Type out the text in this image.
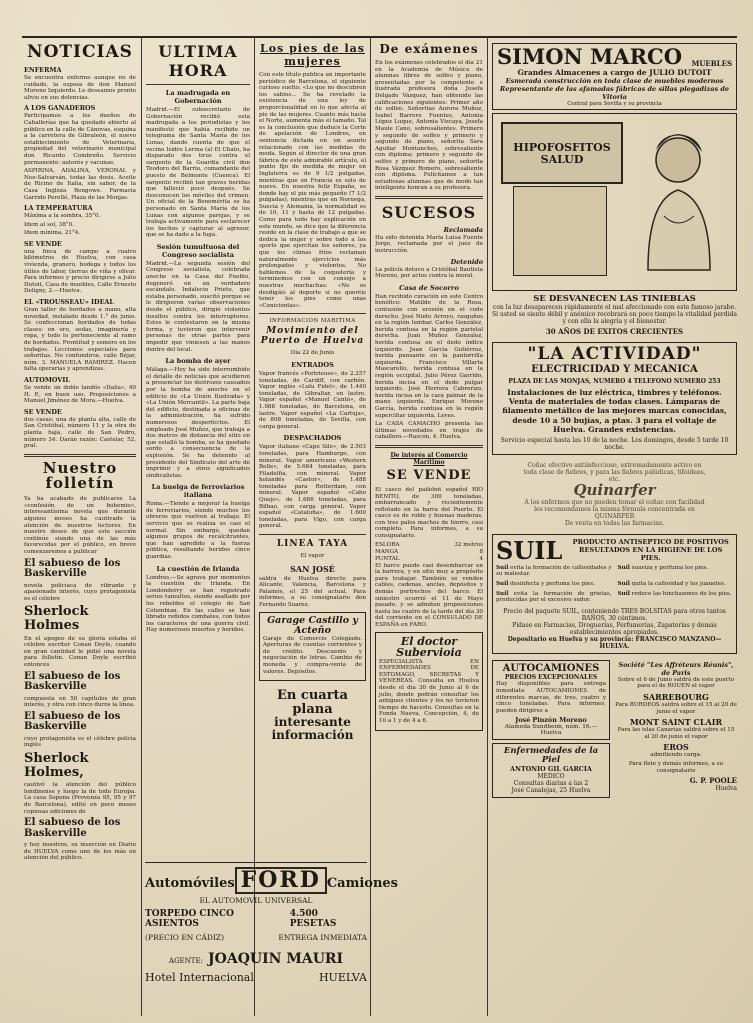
NOTICIAS
ENFERMA

Se encuentra enfermo aunque no de cuidado, la esposa de don Manuel Moreno Izquierdo. Le deseamos pronto alivio en sus dolencias.

A LOS GANADEROS

Participamos a los dueños de Caballerías que ha quedado abierto al público en la calle de Cánovas, esquina a la carretera de Gibraleón, el nuevo establecimiento de Veterinaria, propiedad del veterinario municipal don Ricardo Cumbreño. Servicio permanente: autorés y vacunas.

ASPIRINA, ADALINA, VERONAL y Neo-Salvarsán, todas las dosis. Aceite de Ricino de Italia, sin sabor, de la Casa Ingleza Bengowe. Farmacia Garrido Perelló, Plaza de las Monjas.

LA TEMPERATURA

Máxima a la sombra, 35°0.

Idem al sol, 38°0.

Idem mínima, 21°4.

SE VENDE

una finca de campo a cuatro kilómetros de Huelva, con casa vivienda, granero, bodega y todos los útiles de labor, tierras de viña y olivar. Para informes y precio dirigirse a Julio Dutoit, Casa de muebles, Calle Ernesto Deligny, 2.—Huelva.

EL «TROUSSEAU» IDEAL

Gran taller de bordados a mano, alta novedad, instalado desde 1.° de junio. Se confeccionan bordados de todas clases: en oro, sedas, imaginería y ropa, y todo lo perteneciente al ramo de bordados. Prontitud y esmero en los trabajos. Lecciones especiales para señoritas. No confundirse, calle Béjar, núm. 3. MANUELA RAMIREZ. Hacen falta operarias y aprendizas.

AUTOMOVIL

Se vende un doble landós «Italia», 40 H. P., en buen uso. Proposiciones a Manuel Jiménez de Mora.—Huelva.

SE VENDE

dos casas: una de planta alta, calle de San Cristóbal, número 11 y la otra de planta baja, calle de San Pedro, número 34. Darán razón: Castelar, 52, pral.

Nuestro folletín

Ya ha acabado de publicarse La «confesión de un bohemio», interesantísima novela que durante algunos meses ha cautivado la atención de nuestros lectores. En nuestro deseo de que este sección continúe siendo una de las más favorecidas por el público, en breve comenzaremos a publicar

El sabueso de los Baskerville

novela policíaca de vibrante y apasionado interés, cuyo protagonista es el célebre

Sherlock Holmes

En el apogeo de su gloria estaba el célebre escritor Conan Doyle, cuando en gran cantidad le pidió una novela para folletín. Conan Doyle escribió entonces

El sabueso de los Baskerville

compuesta en 50 capítulos de gran interés, y otra con cinco duros la línea.

El sabueso de los Baskerville

cuyo protagonista es el célebre policía inglés

Sherlock Holmes,

cautivó la atención del público londinense y luego la de todo Europa. La casa Sopena (Provenza 95, 95 y 97 de Barcelona), editó en poco meses copiosas ediciones de

El sabueso de los Baskerville

y hoy nosotros, su inserción en Diario de HUELVA como uno de los más en atención del público.

ULTIMA HORA
La madrugada en Gobernación

Madrid.—El subsecretario de Gobernación recibió esta madrugada a los periodistas y les manifestó que había recibido un telegrama de Santa María de los Lunas, dando cuenta de que el vecino Isidro Lerma (a) El Chato, ha disparado dos tiros contra el sargento de la Guardia civil don Teodoro del Barrio, comandante del puesto de Belmonte (Cuenca). El sargento recibió tan graves heridas que falleció poco después. Se desconocen los móviles del crimen. Un oficial de la Benemérita se ha personado en Santa María de los Lunas con algunos parejas, y se trabaja activamente para esclarecer los hechos y capturar al agresor, que se ha dado a la fuga.

Sesión tumultuosa del Congreso socialista

Madrid.—La segunda sesión del Congreso socialista, celebrada anoche en la Casa del Pueblo, degeneró en un verdadero escándalo. Indalecio Prieto, que estaba personado, suscitó porque se le dirigieron varias observaciones desde el público, dirigió violentos insultos contra los interruptores. Estos le contestaron en la misma forma, y tuvieron que intervenir personas de otras partes para impedir que viniesen a las manos dentro del local.

La bomba de ayer

Málaga.—Hoy ha sido interrumbido el detalle de noticias que acudieron a presenciar los destrozos causados por la bomba de anoche en el edificio de «La Unión Ilustrada» y «La Unión Mercantil». La parte baja del edificio, destinada a oficinas de la administración, ha sufrido numerosos desperfectos. El empleado José Muñoz, que trabaja a dos metros de distancia del sitio en que estalló la bomba, se ha quedado sordo a consecuencia de la explosión. Se ha detenido al presidente del Sindicato del arte de imprimir y a otros significados sindicalistas.

La huelga de ferroviarios italiana

Roma.—Tiende a mejorar la huelga de ferroviarios, siendo muchos los obreros que vuelven al trabajo. El servicio que se realiza es casi el normal. Sin embargo, quedan algunos grupos de recalcitrantes, que han agredido a la fuerza pública, resultando heridos cinco guardias.

La cuestión de Irlanda

Londres.—Se agrava por momentos la cuestión de Irlanda. En Londonderry se han registrado serios tumultos, siendo asaltado por los rebeldes el colegio de San Columbian. En las calles se han librado reñidos combates, con todos los caracteres de una guerra civil. Hay numerosos muertos y heridos.

Los pies de las mujeres

Con este título publica un importante periódico de Barcelona, el siguiente curioso suelto: «Lo que no descubren los sabios... Se ha revelado la existencia de una ley de proporcionalidad en lo que afecta al pie de las mujeres. Cuanto más hacia el Norte, aumenta más el tamaño. Tal es la conclusión que deduce la Corte de apelación de Londres, en sentencia dictada en un asunto relacionado con las medidas de moda. Según el director de una gran fábrica de este admirable artículo, el punto fijo de medida de mujer en Inglaterra es de 9 1/2 pulgadas, mientras que en Francia es solo de nueve. En nuestra feliz España, es donde hay el pie más pequeño (7 1/2 pulgadas), mientras que en Noruega, Suecia y Alemania, la normalidad es de 10, 11 y hasta de 12 pulgadas. Como para todo hay explicación en este mundo, se dice que la diferencia reside en la clase de trabajo a que se dedica la mujer y sobre todo a los sports que ejercitan los señores, ya que los climas fríos reclaman naturalmente ejercicios más prolongados y violentos. No hablemos de la coquetería y terminemos con un consejo a nuestras muchachas: «No os desdigáis al deporte si no queréis tener los pies como unas «Cenicientas».

INFORMACION MARITIMA
Movimiento del Puerto de Huelva
Día 22 de Junio
ENTRADOS

Vapor francés «Portrieuse», de 2.257 toneladas, de Cardiff, con carbón. Vapor inglés «Lulu Fidel», de 1.440 toneladas, de Gibraltar, en lastre. Vapor español «Manuel Cantó», de 1.988 toneladas, de Barcelona, en lastre. Vapor español «La Cartuja», de 808 toneladas, de Sevilla, con carga general.

DESPACHADOS

Vapor italiano «Capo Sile», de 2.503 toneladas, para Hamburgo, con mineral. Vapor americano «Western Belle», de 5.684 toneladas, para Filadelfia, con mineral. Vapor holandés «Castor», de 1.488 toneladas para Rotterdam, con mineral. Vapor español «Cabo Quejo», de 1.686 toneladas, para Bilbao, con carga general. Vapor español «Cataluña», de 1.600 toneladas, para Vigo, con carga general.

LINEA TAYA
El vapor
SAN JOSÉ

saldrá de Huelva directo para Alicante, Valencia, Barcelona y Palamós, el 25 del actual. Para informes, a su consignatario don Fernando Suarez.

Garage Castillo y Acteño

Garaje de Comercio Colegiado. Aperturas de cuentas corrientes y de crédito. Descuento y negociación de letras. Cambio de moneda y compra-venta de valores. Depósitos.

En cuarta plana
interesante información
De exámenes

En los exámenes celebrados el día 21 en la Academia de Música de alumnas libres de solfeo y piano, presentadas por la competente e ilustrada profesora doña Josefa Delgado Vázquez, han obtenido las calificaciones siguientes: Primer año de solfeo. Señoritas Aurora Muñoz, Isabel Barrero Fuentes, Antonia López Luque, Antonia Vizcaya, Josefa Maule Cano, sobresalientes. Primero y segundo de solfeo y primero y segundo de piano, señorita Sara Aguilar Montanches, sobresaliente con diploma; primero y segundo de solfeo y primero de piano, señorita Rosa Vázquez Romero, sobresaliente con diploma. Felicitamos a tan estudiosas alumnas que de modo tan inteligente honran a su profesora.

SUCESOS
Reclamada

Ha sido detenida María Luisa Fuente Jorge, reclamada por el juez de instrucción.

Detenido

La policía detuvo a Cristóbal Bautista Moreno, por actos contra la moral.

Casa de Socorro

Han recibido curación en este Centro benéfico: Matilde de la Rosa, contusión con erosión en el codo derecho. José Nieto Arroyo, rasguños en la región lumbar. Carlos González, herida contusa en la región parietal derecha. Juan Muñoz Gonzalez, herida contusa en el dedo índice izquierdo. Juan García Gutiérrez, herida punzante en la pantorrilla izquierda. Francisco Villarta Mascarello, herida contusa en la región occipital. Julio Pérez Garrido, herida incisa en el dedo pulgar izquierdo. José Herrera Cabrerizo, herida incisa en la cara palmar de la mano izquierda. Enrique Moreno García, herida contusa en la región superciliar izquierda. Leves.

La CASA CAMACHO presenta las últimas novedades en trajes de caballero.—Rascón, 4. Huelva.

De interés al Comercio Marítimo
SE VENDE

El casco del pailebot español RIO BENITO, de 300 toneladas, embarrancado y recientemente reflotado en la barra del Puerto. El casco es de roble y buenas maderas, con tres palos machos de hierro, casi completo. Para informes, a su consignatario.

ESLORA	32 metros
MANGA	8
PUNTAL	4

El barco puede casi desembarcar en la barrera, y en sitio muy a propósito para trabajar. También se venden cables, cadenas, anclas, depósitos y demás pertrechos del barco. El siniestro ocurrió el 11 de Mayo pasado, y se admiten proposiciones hasta las cuatro de la tarde del día 30 del corriente en el CONSULADO DE ESPAÑA en FARO.

El doctor Subervioia

ESPECIALISTA EN ENFERMEDADES DE ESTOMAGO, SECRETAS Y VENEREAS. Consulta en Huelva desde el día 30 de Junio al 6 de julio, donde podrán consultar los antiguos clientes y los no tuvieron tiempo de hacerlo. Consultas en la Fonda Nueva, Concepción, 4, de 10 a 1 y de 4 a 6.

SIMON MARCO MUEBLES
Grandes Almacenes a cargo de JULIO DUTOIT
Esmerada construcción en toda clase de muebles modernos
Representante de las afamadas fábricas de sillas plegadizas de Vitoria
Central para Sevilla y su provincia
HIPOFOSFITOS SALUD
SE DESVANECEN LAS TINIEBLAS

con la luz desaparecen rápidamente el mal afeccionado con este famoso jarabe. Si usted se siente débil y anémico recobrará en poco tiempo la vitalidad perdida y con ella la alegría y el bienestar.

30 AÑOS DE EXITOS CRECIENTES
"LA ACTIVIDAD"
ELECTRICIDAD Y MECANICA
PLAZA DE LAS MONJAS, NUMERO 4 TELEFONO NUMERO 253
Instalaciones de luz eléctrica, timbres y teléfonos. Venta de materiales de todas clases. Lámparas de filamento metálico de las mejores marcas conocidas, desde 10 a 50 bujías, a ptas. 3 para el voltaje de Huelva. Grandes existencias.
Servicio especial hasta las 10 de la noche. Los domingos, desde 5 tarde 10 noche.
Coñac efectivo antiinfeccioso, extremadamente activo en toda clase de fiebres, y para las fiebres palúdicas, tifoideas, etc.
Quinarfer
A los enfermos que no pueden tomar el coñac con facilidad les recomendamos la misma fórmula concentrada en QUINARFER
De venta en todas las farmacias.
SUIL	PRODUCTO ANTISEPTICO DE POSITIVOS RESULTADOS EN LA HIGIENE DE LOS PIES.
Suil evita la formación de callosidades y su malestar.
Suil suaviza y perfuma los pies.
Suil desinfecta y perfuma los pies.	Suil quita la callosidad y los juanetes.
Suil evita la formación de grietas, producidas por el excesivo sudor.
Suil reduce las hinchazones de los pies.
Precio del paquete SUIL, conteniendo TRES BOLSITAS para otros tantos BAÑOS, 30 céntimos.
Pídase en Farmacias, Droguerías, Perfumerías, Zapaterías y demás establecimientos apropiados.
Depositario en Huelva y su provincia: FRANCISCO MANZANO—HUELVA.
AUTOCAMIONES
PRECIOS EXCEPCIONALES

Hay disponibles para entrega inmediata AUTOCAMIONES de diferentes marcas, de tres, cuatro y cinco toneladas. Para informes, pueden dirigirse a

José Pinzón Moreno
Alameda Sundheim, núm. 16.—Huelva
Enfermedades de la Piel
ANTONIO GIL GARCIA
MEDICO
Consultas diarias a las 2
José Canalejas, 25 Huelva
Société "Les Affréteurs Réunis", de Paris

Sobre el 6 de Junio saldrá de este puerto para el de ROUEN el vapor

SARREBOURG

Para BURDEOS saldrá sobre el 15 al 20 de junio el vapor

MONT SAINT CLAIR

Para las islas Canarias saldrá sobre el 15 al 20 de junio el vapor

EROS

admitiendo carga.

Para flete y demás informes, a su consignatario

G. P. POOLE
Huelva
Automóviles FORD Camiones
EL AUTOMOVIL UNIVERSAL
TORPEDO CINCO ASIENTOS
4.500 PESETAS
(PRECIO EN CÁDIZ)	ENTREGA INMEDIATA
AGENTE: JOAQUIN MAURI
Hotel Internacional	HUELVA
